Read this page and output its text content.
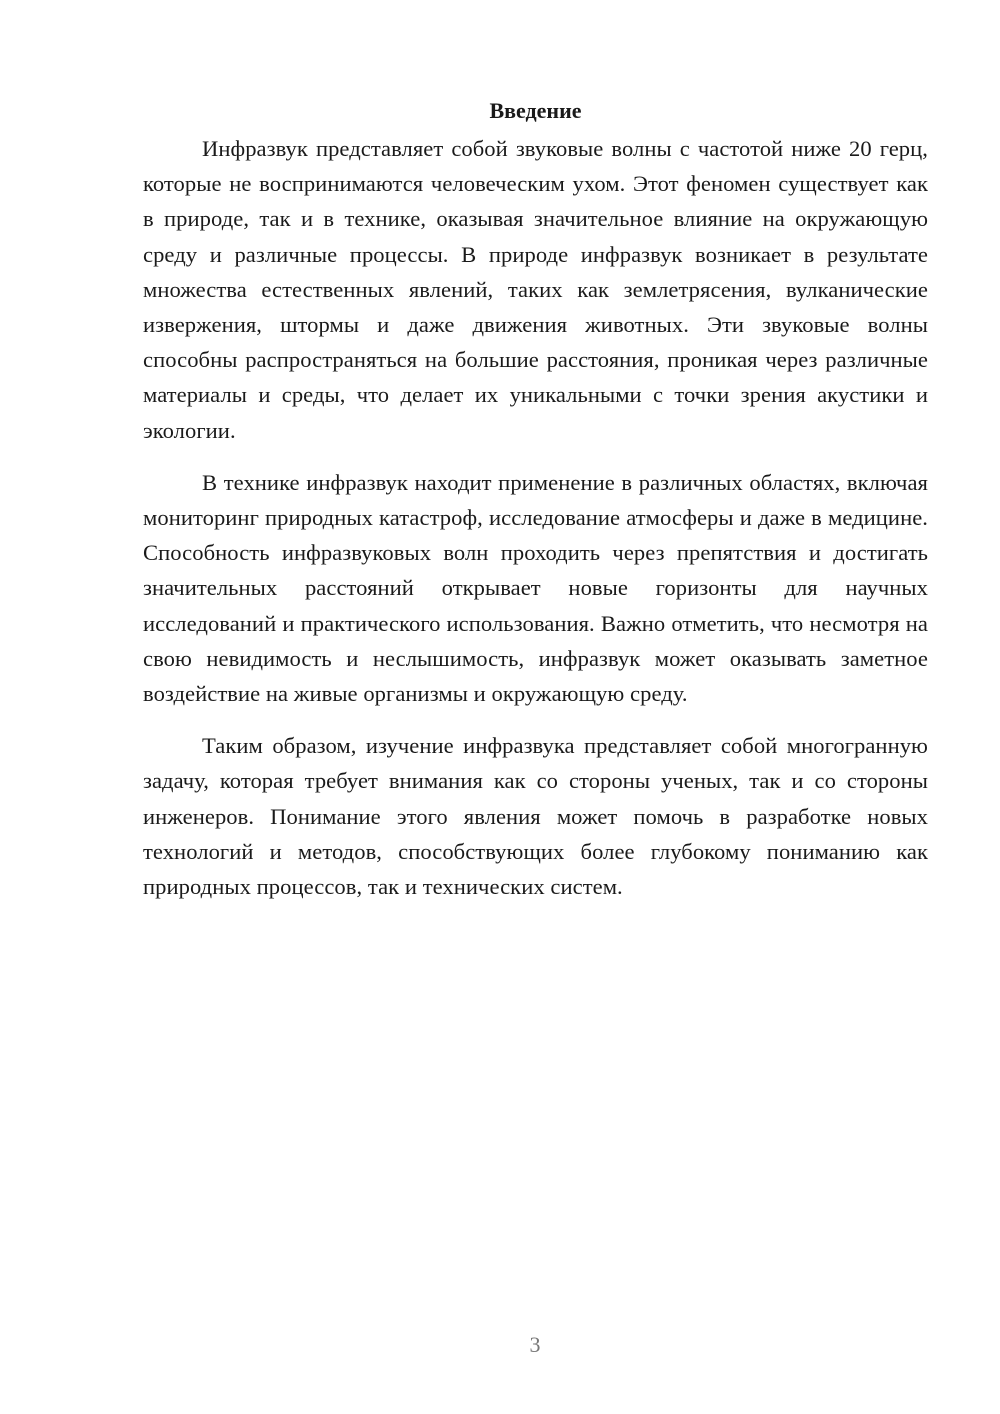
Введение

Инфразвук представляет собой звуковые волны с частотой ниже 20 герц, которые не воспринимаются человеческим ухом. Этот феномен существует как в природе, так и в технике, оказывая значительное влияние на окружающую среду и различные процессы. В природе инфразвук возникает в результате множества естественных явлений, таких как землетрясения, вулканические извержения, штормы и даже движения животных. Эти звуковые волны способны распространяться на большие расстояния, проникая через различные материалы и среды, что делает их уникальными с точки зрения акустики и экологии.

В технике инфразвук находит применение в различных областях, включая мониторинг природных катастроф, исследование атмосферы и даже в медицине. Способность инфразвуковых волн проходить через препятствия и достигать значительных расстояний открывает новые горизонты для научных исследований и практического использования. Важно отметить, что несмотря на свою невидимость и неслышимость, инфразвук может оказывать заметное воздействие на живые организмы и окружающую среду.

Таким образом, изучение инфразвука представляет собой многогранную задачу, которая требует внимания как со стороны ученых, так и со стороны инженеров. Понимание этого явления может помочь в разработке новых технологий и методов, способствующих более глубокому пониманию как природных процессов, так и технических систем.

3
